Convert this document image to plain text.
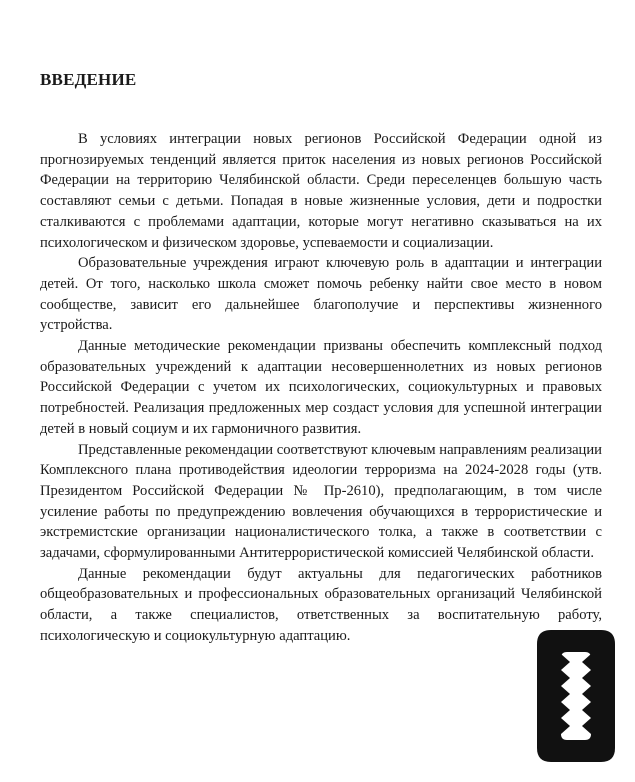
ВВЕДЕНИЕ

В условиях интеграции новых регионов Российской Федерации одной из прогнозируемых тенденций является приток населения из новых регионов Российской Федерации на территорию Челябинской области. Среди переселенцев большую часть составляют семьи с детьми. Попадая в новые жизненные условия, дети и подростки сталкиваются с проблемами адаптации, которые могут негативно сказываться на их психологическом и физическом здоровье, успеваемости и социализации.

Образовательные учреждения играют ключевую роль в адаптации и интеграции детей. От того, насколько школа сможет помочь ребенку найти свое место в новом сообществе, зависит его дальнейшее благополучие и перспективы жизненного устройства.

Данные методические рекомендации призваны обеспечить комплексный подход образовательных учреждений к адаптации несовершеннолетних из новых регионов Российской Федерации с учетом их психологических, социокультурных и правовых потребностей. Реализация предложенных мер создаст условия для успешной интеграции детей в новый социум и их гармоничного развития.

Представленные рекомендации соответствуют ключевым направлениям реализации Комплексного плана противодействия идеологии терроризма на 2024-2028 годы (утв. Президентом Российской Федерации № Пр-2610), предполагающим, в том числе усиление работы по предупреждению вовлечения обучающихся в террористические и экстремистские организации националистического толка, а также в соответствии с задачами, сформулированными Антитеррористической комиссией Челябинской области.

Данные рекомендации будут актуальны для педагогических работников общеобразовательных и профессиональных образовательных организаций Челябинской области, а также специалистов, ответственных за воспитательную работу, психологическую и социокультурную адаптацию.
